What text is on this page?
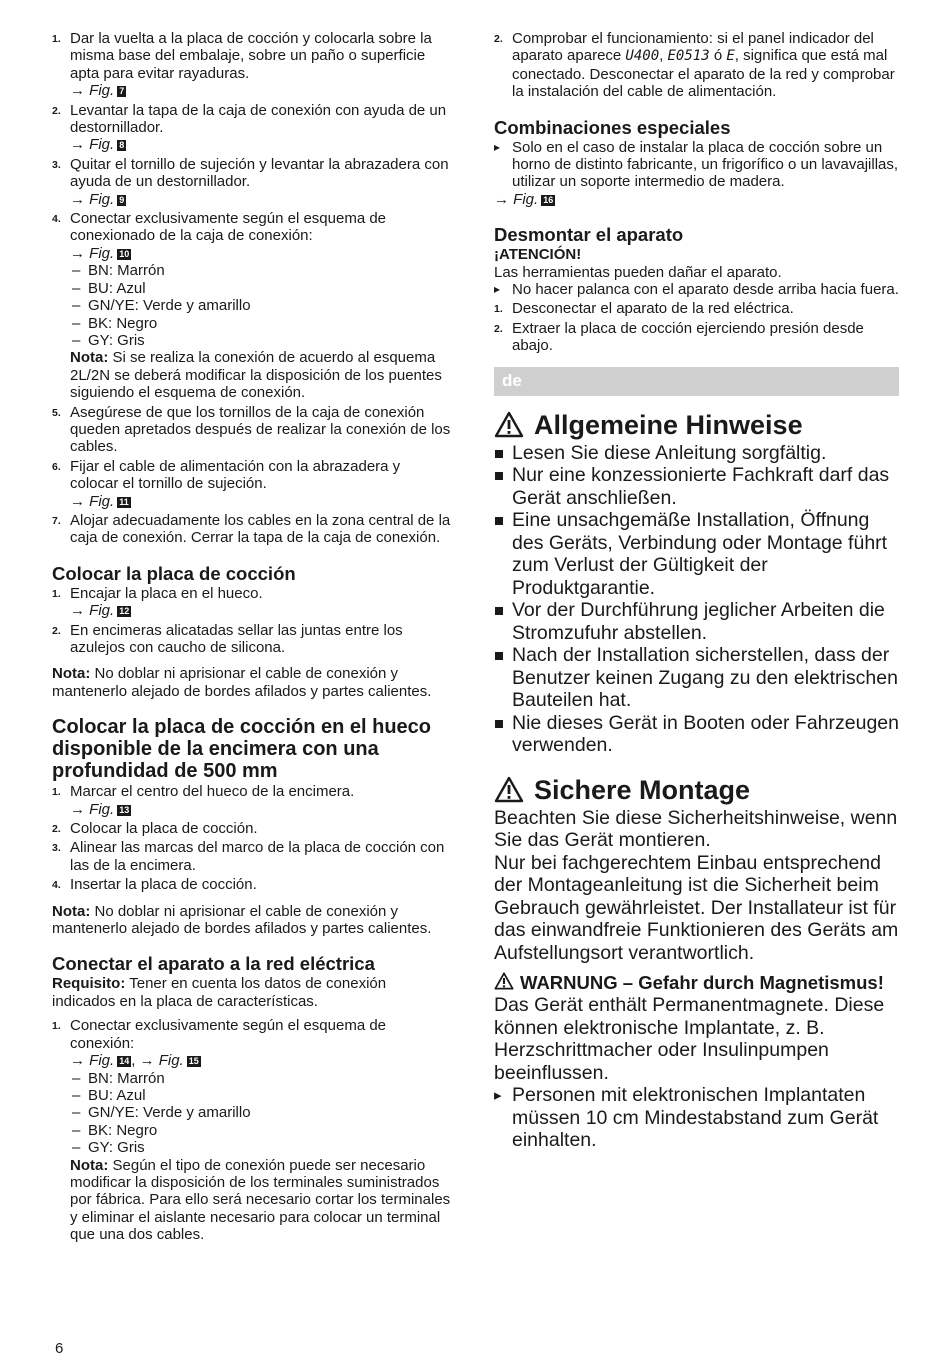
1. Dar la vuelta a la placa de cocción y colocarla sobre la misma base del embalaje, sobre un paño o superficie apta para evitar rayaduras.
→ Fig. 7
2. Levantar la tapa de la caja de conexión con ayuda de un destornillador.
→ Fig. 8
3. Quitar el tornillo de sujeción y levantar la abrazadera con ayuda de un destornillador.
→ Fig. 9
4. Conectar exclusivamente según el esquema de conexionado de la caja de conexión:
→ Fig. 10
– BN: Marrón
– BU: Azul
– GN/YE: Verde y amarillo
– BK: Negro
– GY: Gris

Nota: Si se realiza la conexión de acuerdo al esquema 2L/2N se deberá modificar la disposición de los puentes siguiendo el esquema de conexión.

5. Asegúrese de que los tornillos de la caja de conexión queden apretados después de realizar la conexión de los cables.
6. Fijar el cable de alimentación con la abrazadera y colocar el tornillo de sujeción.
→ Fig. 11
7. Alojar adecuadamente los cables en la zona central de la caja de conexión. Cerrar la tapa de la caja de conexión.
Colocar la placa de cocción
1. Encajar la placa en el hueco.
→ Fig. 12
2. En encimeras alicatadas sellar las juntas entre los azulejos con caucho de silicona.

Nota: No doblar ni aprisionar el cable de conexión y mantenerlo alejado de bordes afilados y partes calientes.

Colocar la placa de cocción en el hueco disponible de la encimera con una profundidad de 500 mm
1. Marcar el centro del hueco de la encimera.
→ Fig. 13
2. Colocar la placa de cocción.
3. Alinear las marcas del marco de la placa de cocción con las de la encimera.
4. Insertar la placa de cocción.

Nota: No doblar ni aprisionar el cable de conexión y mantenerlo alejado de bordes afilados y partes calientes.

Conectar el aparato a la red eléctrica

Requisito: Tener en cuenta los datos de conexión indicados en la placa de características.

1. Conectar exclusivamente según el esquema de conexión:
→ Fig. 14 , → Fig. 15
– BN: Marrón
– BU: Azul
– GN/YE: Verde y amarillo
– BK: Negro
– GY: Gris

Nota: Según el tipo de conexión puede ser necesario modificar la disposición de los terminales suministrados por fábrica. Para ello será necesario cortar los terminales y eliminar el aislante necesario para colocar un terminal que una dos cables.

2. Comprobar el funcionamiento: si el panel indicador del aparato aparece U400, E0513 ó E, significa que está mal conectado. Desconectar el aparato de la red y comprobar la instalación del cable de alimentación.
Combinaciones especiales
▸ Solo en el caso de instalar la placa de cocción sobre un horno de distinto fabricante, un frigorífico o un lavavajillas, utilizar un soporte intermedio de madera.
→ Fig. 16
Desmontar el aparato

¡ATENCIÓN!

Las herramientas pueden dañar el aparato.

▸ No hacer palanca con el aparato desde arriba hacia fuera.
1. Desconectar el aparato de la red eléctrica.
2. Extraer la placa de cocción ejerciendo presión desde abajo.
de
Allgemeine Hinweise
Lesen Sie diese Anleitung sorgfältig.
Nur eine konzessionierte Fachkraft darf das Gerät anschließen.
Eine unsachgemäße Installation, Öffnung des Geräts, Verbindung oder Montage führt zum Verlust der Gültigkeit der Produktgarantie.
Vor der Durchführung jeglicher Arbeiten die Stromzufuhr abstellen.
Nach der Installation sicherstellen, dass der Benutzer keinen Zugang zu den elektrischen Bauteilen hat.
Nie dieses Gerät in Booten oder Fahrzeugen verwenden.
Sichere Montage

Beachten Sie diese Sicherheitshinweise, wenn Sie das Gerät montieren.

Nur bei fachgerechtem Einbau entsprechend der Montageanleitung ist die Sicherheit beim Gebrauch gewährleistet. Der Installateur ist für das einwandfreie Funktionieren des Geräts am Aufstellungsort verantwortlich.

WARNUNG – Gefahr durch Magnetismus!

Das Gerät enthält Permanentmagnete. Diese können elektronische Implantate, z. B. Herzschrittmacher oder Insulinpumpen beeinflussen.

▸ Personen mit elektronischen Implantaten müssen 10 cm Mindestabstand zum Gerät einhalten.
6
